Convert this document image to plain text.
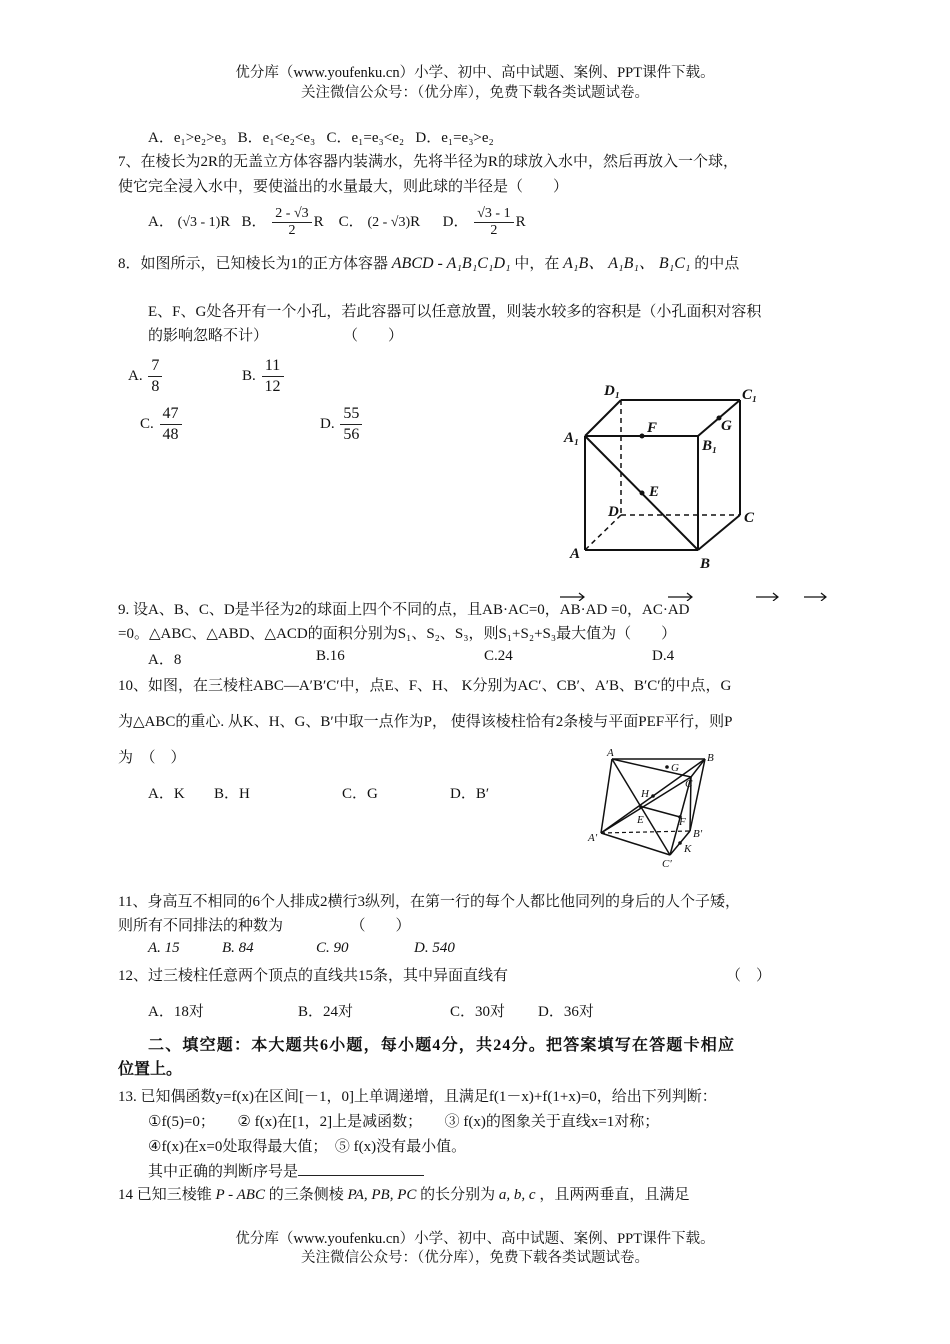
优分库（www.youfenku.cn）小学、初中、高中试题、案例、PPT课件下载。
关注微信公众号：（优分库），免费下载各类试题试卷。
A．e₁>e₂>e₃ B．e₁<e₂<e₃ C．e₁=e₃<e₂ D．e₁=e₃>e₂
7、在棱长为2R的无盖立方体容器内装满水，先将半径为R的球放入水中，然后再放入一个球，
使它完全浸入水中，要使溢出的水量最大，则此球的半径是（　　）
A． (√3 - 1)R B． $\frac{2 - √3}{2}$ R C． (2 - √3)R D． $\frac{√3 - 1}{2}$ R
8．如图所示，已知棱长为1的正方体容器 ABCD - A₁B₁C₁D₁ 中，在 A₁B、 A₁B₁、 B₁C₁ 的中点
E、F、G处各开有一个小孔，若此容器可以任意放置，则装水较多的容积是（小孔面积对容积
的影响忽略不计）　　　　　　（　　）
A. $\frac{7}{8}$	B. $\frac{11}{12}$
C. $\frac{47}{48}$	D. $\frac{55}{56}$
D₁	C₁
A₁	B₁
F	G
E
D	C
A
B
9. 设A、B、C、D是半径为2的球面上四个不同的点，且AB·AC=0，AB·AD =0，AC·AD
=0。△ABC、△ABD、△ACD的面积分别为S₁、S₂、S₃，则S₁+S₂+S₃最大值为（　　）
A．8	B.16	C.24	D.4
10、如图，在三棱柱ABC—A′B′C′中，点E、F、H、 K分别为AC′、CB′、A′B、B′C′的中点，G
为△ABC的重心. 从K、H、G、B′中取一点作为P， 使得该棱柱恰有2条棱与平面PEF平行，则P
为　（　）
A．K B．H	C．G	D．B′
A	B
G
C
H
E	F
A′	B′
K
C′
11、身高互不相同的6个人排成2横行3纵列，在第一行的每个人都比他同列的身后的人个子矮，
则所有不同排法的种数为　　　　　（　　）
A. 15	B. 84	C. 90	D. 540
12、过三棱柱任意两个顶点的直线共15条，其中异面直线有	（　）
A．18对	B．24对	C．30对 D．36对
二、填空题：本大题共6小题，每小题4分，共24分。把答案填写在答题卡相应
位置上。
13. 已知偶函数y=f(x)在区间[－1，0]上单调递增，且满足f(1－x)+f(1+x)=0，给出下列判断：
①f(5)=0； ② f(x)在[1，2]上是减函数； ③ f(x)的图象关于直线x=1对称；
④f(x)在x=0处取得最大值； ⑤ f(x)没有最小值。
其中正确的判断序号是
14 已知三棱锥 P - ABC 的三条侧棱 PA, PB, PC 的长分别为 a, b, c ，且两两垂直，且满足
优分库（www.youfenku.cn）小学、初中、高中试题、案例、PPT课件下载。
关注微信公众号：（优分库），免费下载各类试题试卷。
